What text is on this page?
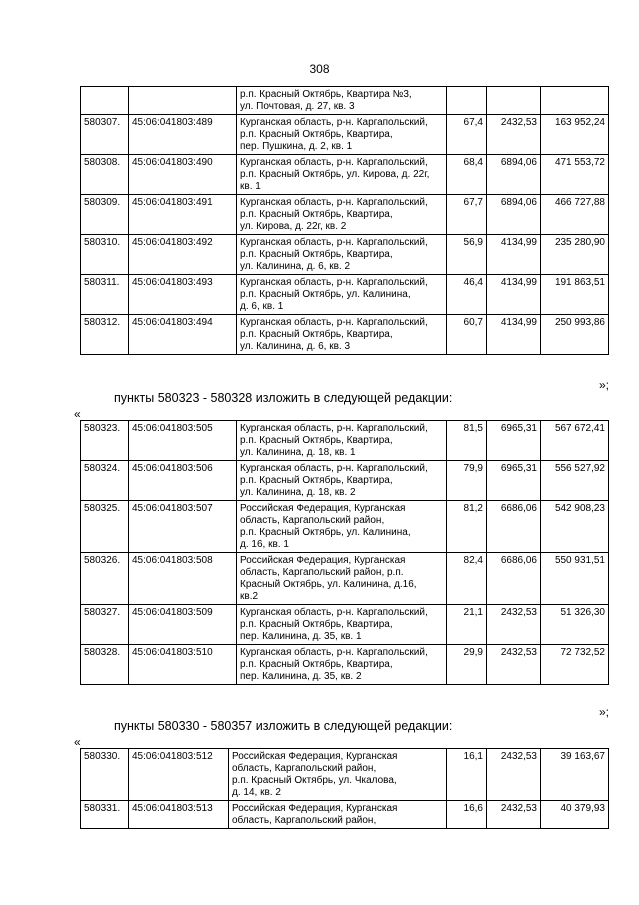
308

		р.п. Красный Октябрь, Квартира №3,
ул. Почтовая, д. 27, кв. 3			

580307.	45:06:041803:489	Курганская область, р-н. Каргапольский,
р.п. Красный Октябрь, Квартира,
пер. Пушкина, д. 2, кв. 1	67,4	2432,53	163 952,24
580308.	45:06:041803:490	Курганская область, р-н. Каргапольский,
р.п. Красный Октябрь, ул. Кирова, д. 22г,
кв. 1	68,4	6894,06	471 553,72
580309.	45:06:041803:491	Курганская область, р-н. Каргапольский,
р.п. Красный Октябрь, Квартира,
ул. Кирова, д. 22г, кв. 2	67,7	6894,06	466 727,88
580310.	45:06:041803:492	Курганская область, р-н. Каргапольский,
р.п. Красный Октябрь, Квартира,
ул. Калинина, д. 6, кв. 2	56,9	4134,99	235 280,90
580311.	45:06:041803:493	Курганская область, р-н. Каргапольский,
р.п. Красный Октябрь, ул. Калинина,
д. 6, кв. 1	46,4	4134,99	191 863,51
580312.	45:06:041803:494	Курганская область, р-н. Каргапольский,
р.п. Красный Октябрь, Квартира,
ул. Калинина, д. 6, кв. 3	60,7	4134,99	250 993,86
»;
пункты 580323 - 580328 изложить в следующей редакции:
«
580323.	45:06:041803:505	Курганская область, р-н. Каргапольский,
р.п. Красный Октябрь, Квартира,
ул. Калинина, д. 18, кв. 1	81,5	6965,31	567 672,41
580324.	45:06:041803:506	Курганская область, р-н. Каргапольский,
р.п. Красный Октябрь, Квартира,
ул. Калинина, д. 18, кв. 2	79,9	6965,31	556 527,92
580325.	45:06:041803:507	Российская Федерация, Курганская
область, Каргапольский район,
р.п. Красный Октябрь, ул. Калинина,
д. 16, кв. 1	81,2	6686,06	542 908,23
580326.	45:06:041803:508	Российская Федерация, Курганская
область, Каргапольский район, р.п.
Красный Октябрь, ул. Калинина, д.16,
кв.2	82,4	6686,06	550 931,51
580327.	45:06:041803:509	Курганская область, р-н. Каргапольский,
р.п. Красный Октябрь, Квартира,
пер. Калинина, д. 35, кв. 1	21,1	2432,53	51 326,30
580328.	45:06:041803:510	Курганская область, р-н. Каргапольский,
р.п. Красный Октябрь, Квартира,
пер. Калинина, д. 35, кв. 2	29,9	2432,53	72 732,52
»;
пункты 580330 - 580357 изложить в следующей редакции:
«
580330.	45:06:041803:512	Российская Федерация, Курганская
область, Каргапольский район,
р.п. Красный Октябрь, ул. Чкалова,
д. 14, кв. 2	16,1	2432,53	39 163,67
580331.	45:06:041803:513	Российская Федерация, Курганская
область, Каргапольский район,	16,6	2432,53	40 379,93
